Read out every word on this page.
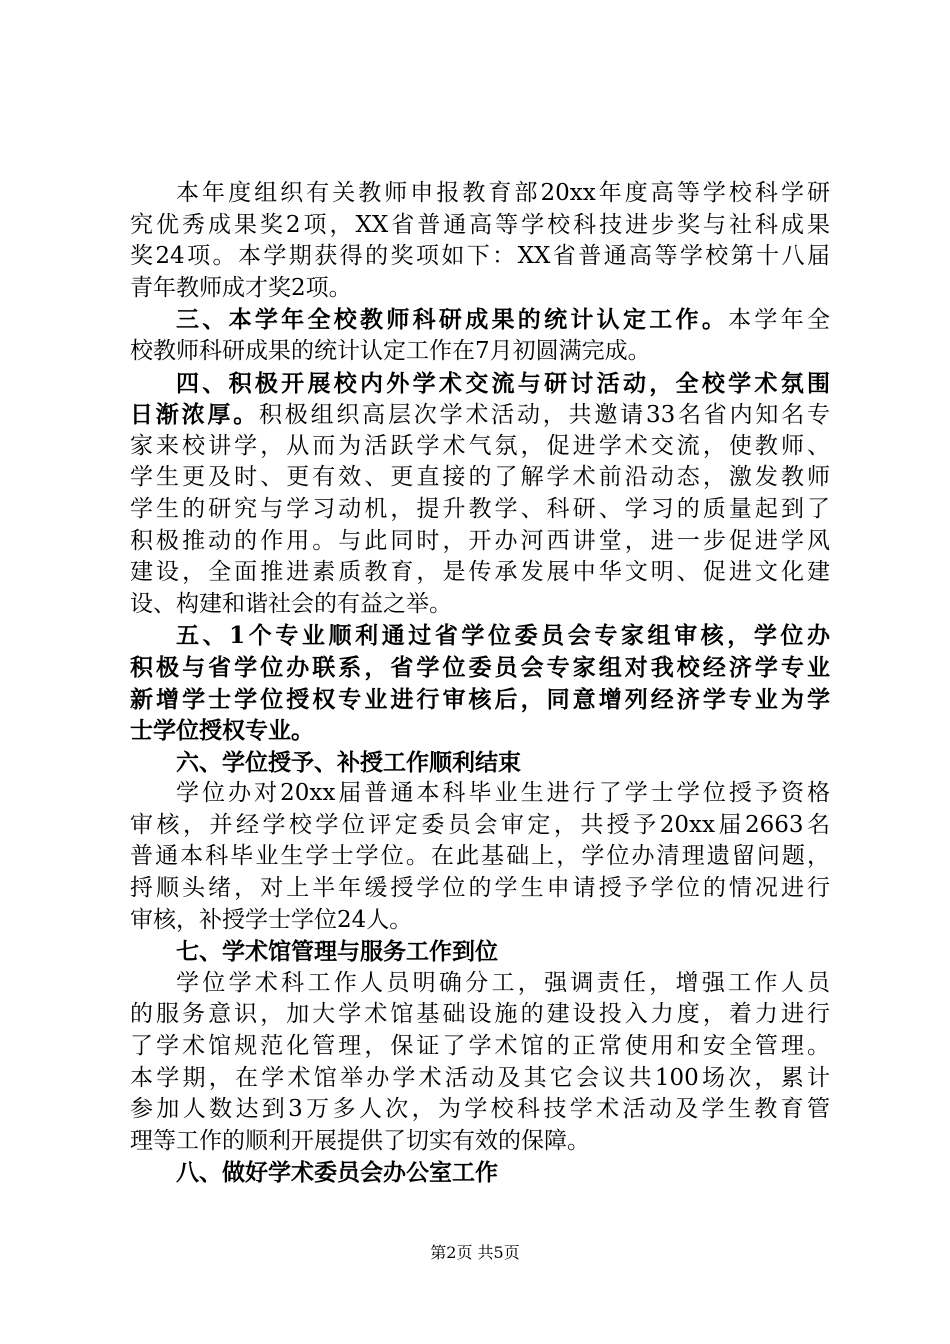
本年度组织有关教师申报教育部20xx年度高等学校科学研
究优秀成果奖2项，XX省普通高等学校科技进步奖与社科成果
奖24项。本学期获得的奖项如下：XX省普通高等学校第十八届
青年教师成才奖2项。
三、本学年全校教师科研成果的统计认定工作。本学年全
校教师科研成果的统计认定工作在7月初圆满完成。
四、积极开展校内外学术交流与研讨活动，全校学术氛围
日渐浓厚。积极组织高层次学术活动，共邀请33名省内知名专
家来校讲学，从而为活跃学术气氛，促进学术交流，使教师、
学生更及时、更有效、更直接的了解学术前沿动态，激发教师
学生的研究与学习动机，提升教学、科研、学习的质量起到了
积极推动的作用。与此同时，开办河西讲堂，进一步促进学风
建设，全面推进素质教育，是传承发展中华文明、促进文化建
设、构建和谐社会的有益之举。
五、1个专业顺利通过省学位委员会专家组审核，学位办
积极与省学位办联系，省学位委员会专家组对我校经济学专业
新增学士学位授权专业进行审核后，同意增列经济学专业为学
士学位授权专业。
六、学位授予、补授工作顺利结束
学位办对20xx届普通本科毕业生进行了学士学位授予资格
审核，并经学校学位评定委员会审定，共授予20xx届2663名
普通本科毕业生学士学位。在此基础上，学位办清理遗留问题，
捋顺头绪，对上半年缓授学位的学生申请授予学位的情况进行
审核，补授学士学位24人。
七、学术馆管理与服务工作到位
学位学术科工作人员明确分工，强调责任，增强工作人员
的服务意识，加大学术馆基础设施的建设投入力度，着力进行
了学术馆规范化管理，保证了学术馆的正常使用和安全管理。
本学期，在学术馆举办学术活动及其它会议共100场次，累计
参加人数达到3万多人次，为学校科技学术活动及学生教育管
理等工作的顺利开展提供了切实有效的保障。
八、做好学术委员会办公室工作
第2页 共5页
